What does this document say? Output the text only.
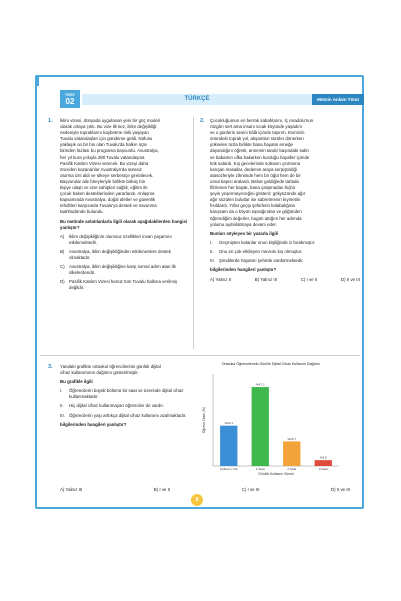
TEST
02	TÜRKÇE	Metnin Anlam Yönü
1. İklim vizesi, dünyada uygulanan yeni bir göç modeli
olarak ortaya çıktı. Bu vize ilk kez, iklim değişikliği
nedeniyle topraklarını kaybetme riski yaşayan
Tuvalu vatandaşları için gündeme geldi. Nüfusu
yaklaşık on bir bin olan Tuvalu'da halkın üçte
birinden fazlası bu programa başvurdu. Avustralya,
her yıl kura yoluyla 280 Tuvalu vatandaşına
Pasifik Katılım Vizesi verecek. Bu vizeyi daha
önceden kazananlar Avustralya'da süresiz
oturma izni aldı ve ülkeye serbestçe girebilecek.
Başvurular aile bireyleriyle birlikte birkaç bin
kişiye ulaştı ve vize sahipleri sağlık, eğitim ile
çocuk bakım desteklerinden yararlandı. Anlaşma
kapsamında Avustralya, doğal afetler ve güvenlik
tehditleri karşısında Tuvalu'ya destek ve savunma
taahhüdünde bulundu.
Bu metinde anlatılanlarla ilgili olarak aşağıdakilerden hangisi yanlıştır?
A)	İklim değişikliğinin olumsuz özellikleri insan yaşamını etkilemektedir.
B)	Avustralya, iklim değişikliğinden etkilenenlere destek olmaktadır.
C) Avustralya, iklim değişikliğine karşı somut adım atan ilk ülkelerdendir.
D) Pasifik Katılım Vizesi henüz tüm Tuvalu halkına verilmiş değildir.
2. Çocukluğumun en berrak sabahlarını, İç Anadolu'nun
rüzgârı sert ama insanı sıcak köyünde yaşadım
ve o günlerin sesini hâlâ içimde taşırım. Evimizin
önündeki toprak yol, akşamları sürüler dönerken
yükselen tozla birlikte bana hayatın emeğe
dayandığını öğretir, annemin tandır başındaki sabrı
ve babamın ufka bakarken kurduğu hayaller içimde
kök salardı. Kış gecelerinde sobanın çıtırtısına
karışan masallar, dedemin araya serpiştirdiği
atasözleriyle zihnimde hem bir öğüt hem de bir
umut kapısı aralardı. Bahar geldiğinde tarlada
filizlenen her başak, bana çalışmadan hiçbir
şeyin yeşermeyeceğini gösterir; gökyüzünde ağır
ağır süzülen bulutlar ise sabretmenin kıymetini
fısıldardı. Yıllar geçip şehirlerin kalabalığına
karışsam da o köyün toprağından ve göğünden
öğrendiğim değerler, bugün attığım her adımda
yolumu aydınlatmaya devam eder.
Bunları söyleyen bir yazarla ilgili
I.	Geçmişten kalanlar onun kişiliğinde iz bırakmıştır.
II.	Onu en çok etkileyen mevsim kış olmuştur.
III. Şimdilerde hayatını şehirde sürdürmektedir.
bilgilerinden hangileri yanlıştır?
A) Yalnız II	B) Yalnız III	C) I ve II	D) II ve III
3. Yandaki grafikte ortaokul öğrencilerinin günlük dijital
cihaz kullanımının dağılımı gösterilmiştir.
Bu grafikle ilgili
I.	Öğrencilerin büyük bölümü bir saat ve üzerinde dijital cihaz kullanmaktadır.
II.	Hiç dijital cihaz kullanmayan öğrenciler de vardır.
III. Öğrencilerin yaşı arttıkça dijital cihaz kullanımı azalmaktadır.
bilgilerinden hangileri yanlıştır?
A) Yalnız III	B) I ve II	C) I ve III	D) II ve III
Ortaokul Öğrencilerinin Günlük Dijital Cihaz Kullanım Dağılımı
%24,1
Kullanım Yok
%47,2
1 Saat
%14,7
2 Saat
%3,5
3 Saat
Günlük Kullanım Süresi
Öğrenci Oranı (%)
8
